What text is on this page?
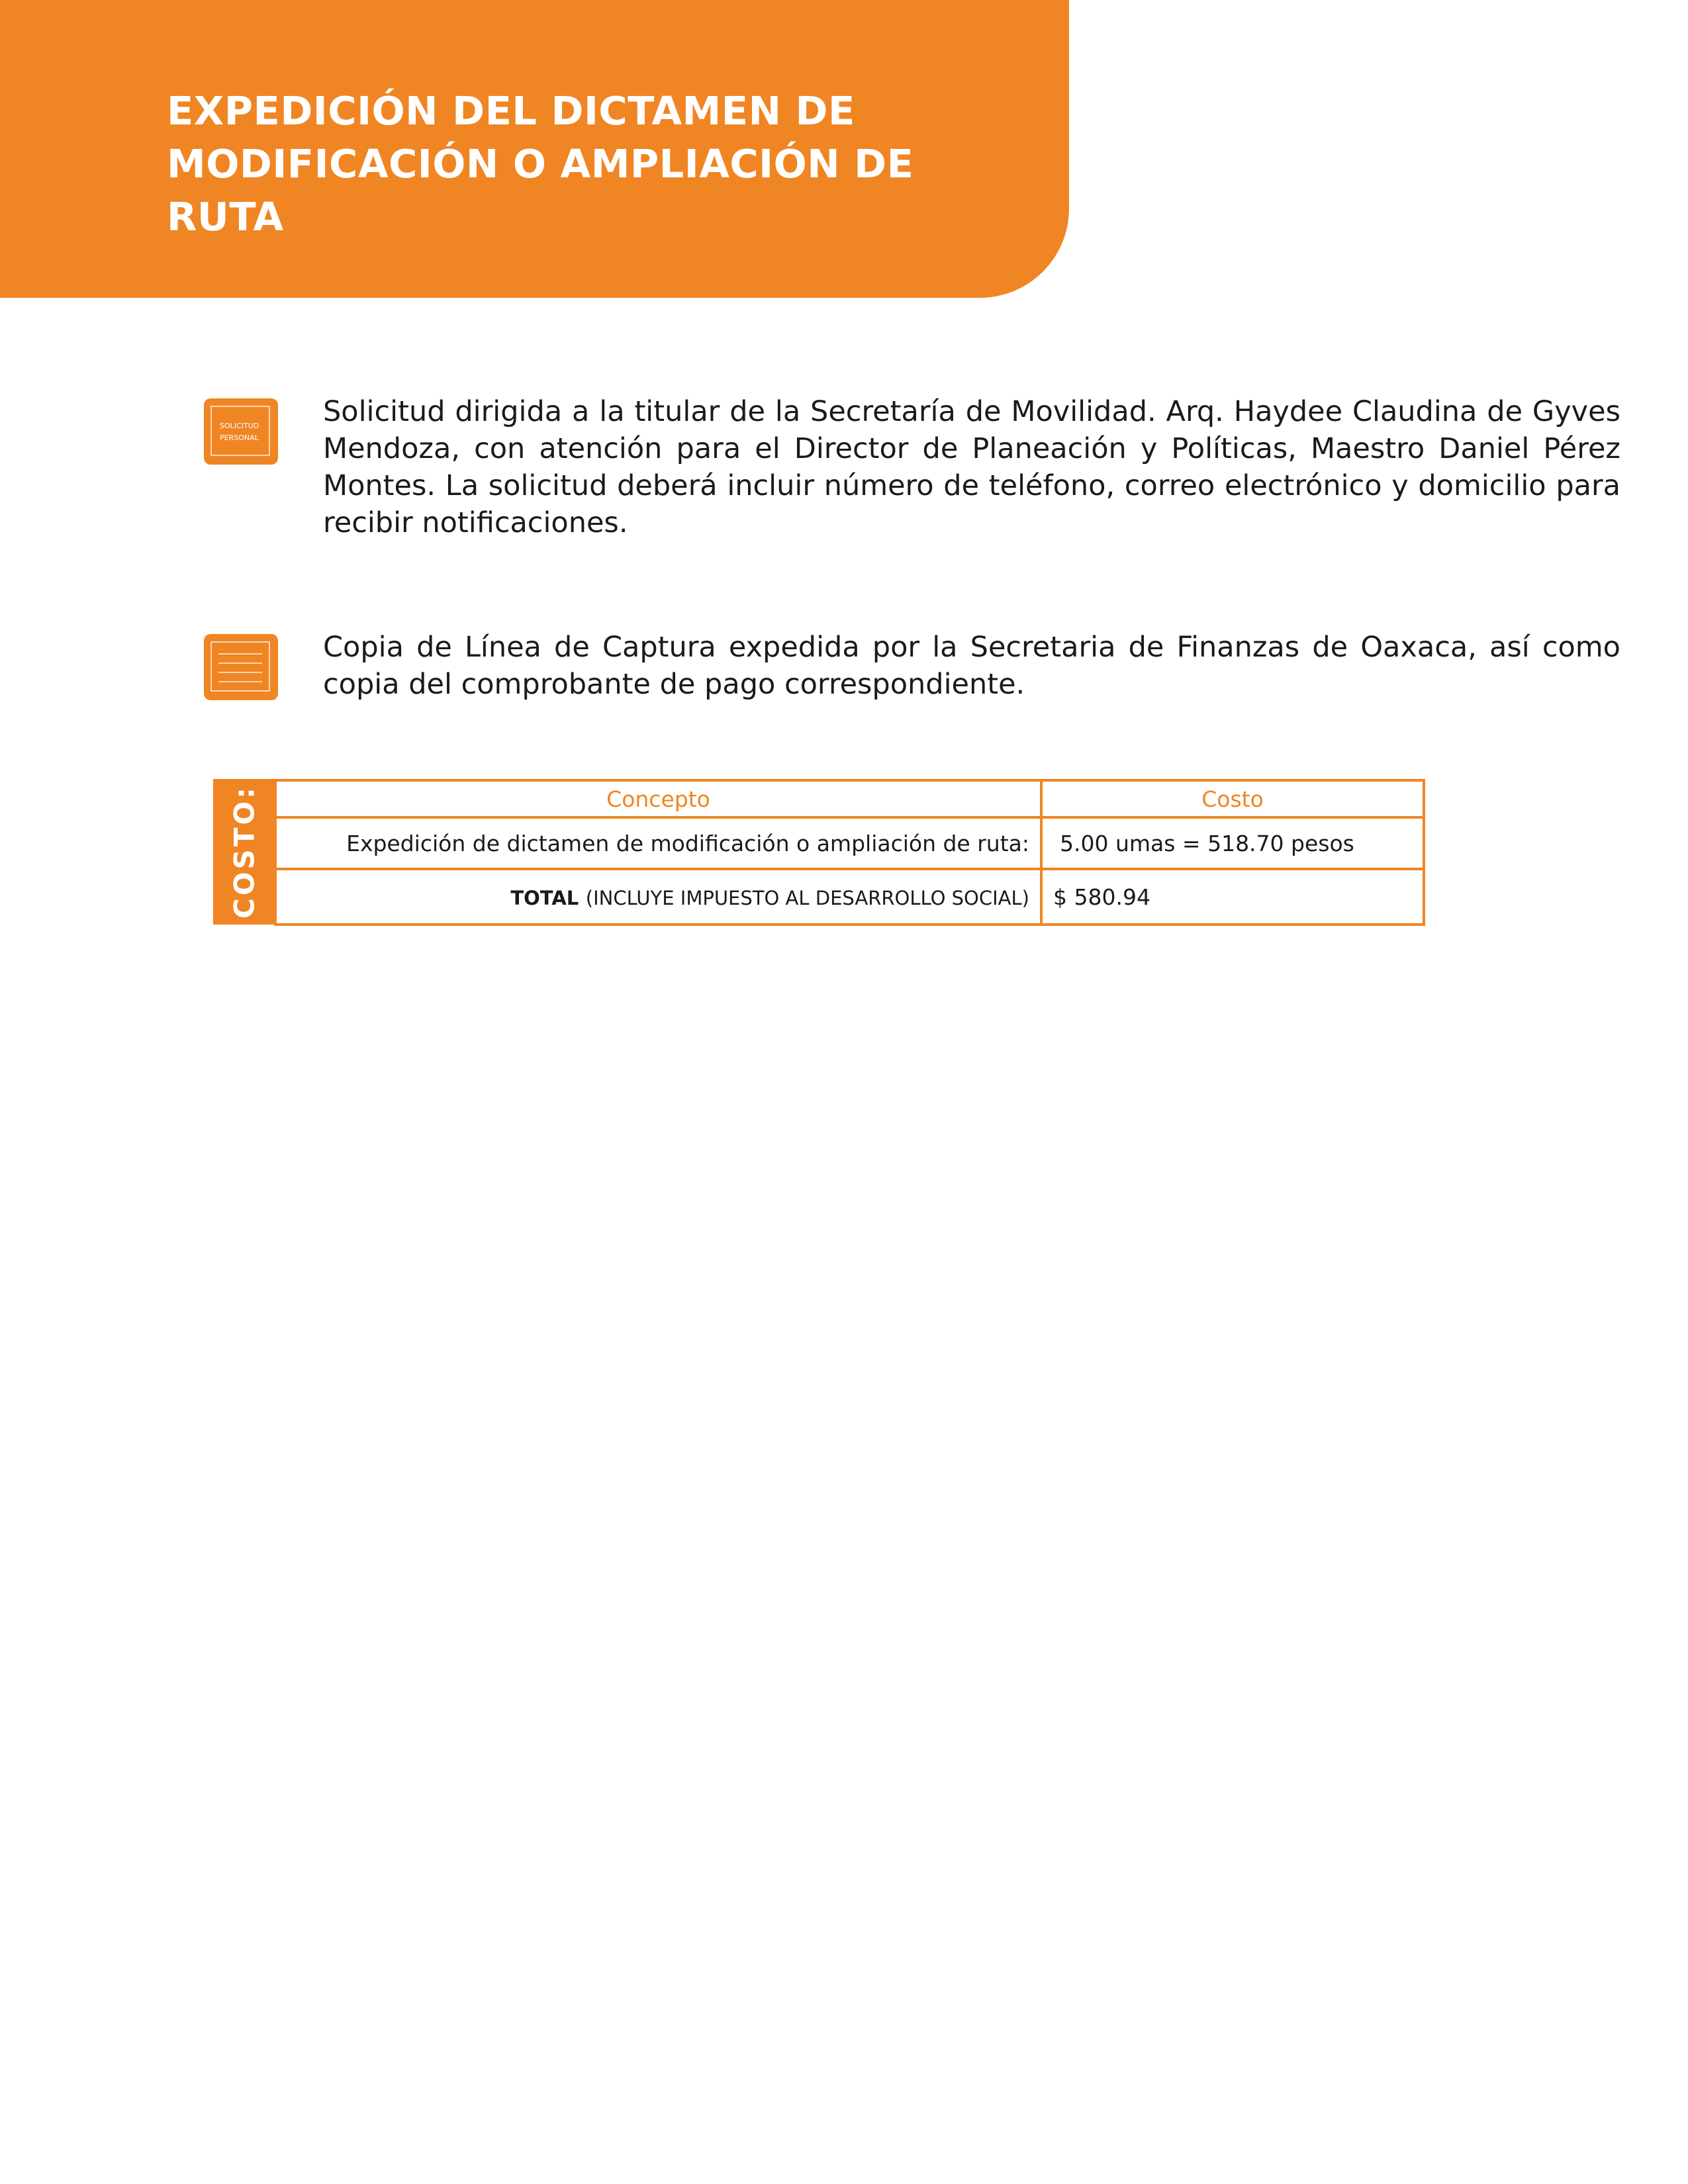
EXPEDICIÓN DEL DICTAMEN DE MODIFICACIÓN O AMPLIACIÓN DE RUTA
SOLICITUD PERSONAL

Solicitud dirigida a la titular de la Secretaría de Movilidad. Arq. Haydee Claudina de Gyves Mendoza, con atención para el Director de Planeación y Políticas, Maestro Daniel Pérez Montes. La solicitud deberá incluir número de teléfono, correo electrónico y domicilio para recibir notificaciones.

Copia de Línea de Captura expedida por la Secretaria de Finanzas de Oaxaca, así como copia del comprobante de pago correspondiente.

COSTO:	Concepto	Costo
Expedición de dictamen de modificación o ampliación de ruta:	5.00 umas = 518.70 pesos
TOTAL (INCLUYE IMPUESTO AL DESARROLLO SOCIAL)	$ 580.94
